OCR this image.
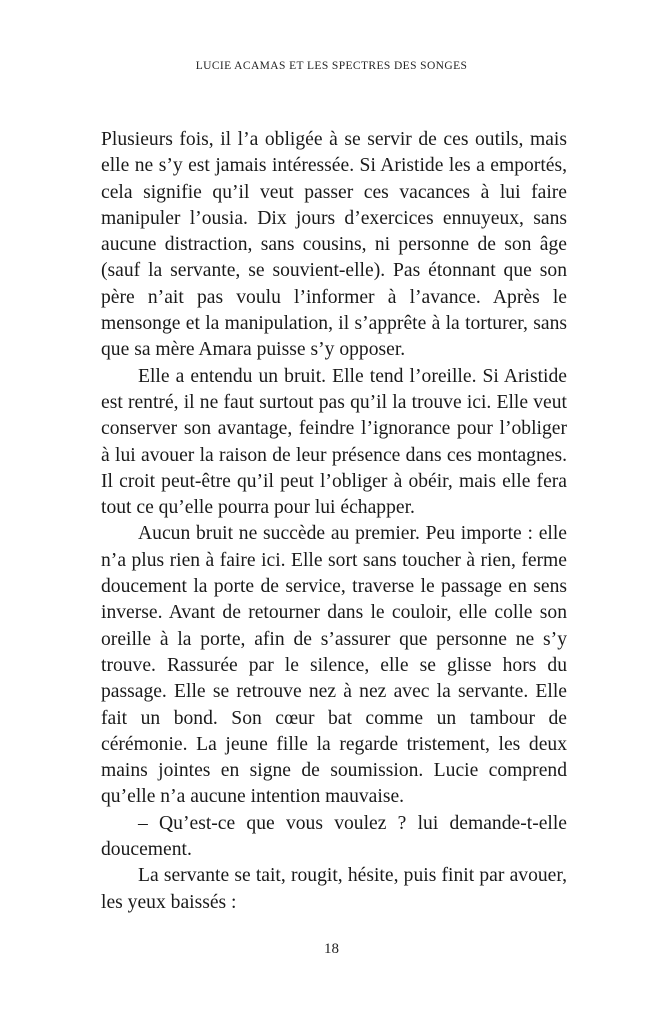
LUCIE ACAMAS ET LES SPECTRES DES SONGES

Plusieurs fois, il l’a obligée à se servir de ces outils, mais elle ne s’y est jamais intéressée. Si Aristide les a emportés, cela signifie qu’il veut passer ces vacances à lui faire manipuler l’ousia. Dix jours d’exercices ennuyeux, sans aucune distraction, sans cousins, ni personne de son âge (sauf la servante, se souvient-elle). Pas étonnant que son père n’ait pas voulu l’informer à l’avance. Après le mensonge et la manipulation, il s’apprête à la torturer, sans que sa mère Amara puisse s’y opposer.

Elle a entendu un bruit. Elle tend l’oreille. Si Aristide est rentré, il ne faut surtout pas qu’il la trouve ici. Elle veut conserver son avantage, feindre l’ignorance pour l’obliger à lui avouer la raison de leur présence dans ces montagnes. Il croit peut-être qu’il peut l’obliger à obéir, mais elle fera tout ce qu’elle pourra pour lui échapper.

Aucun bruit ne succède au premier. Peu importe : elle n’a plus rien à faire ici. Elle sort sans toucher à rien, ferme doucement la porte de service, traverse le passage en sens inverse. Avant de retourner dans le couloir, elle colle son oreille à la porte, afin de s’assurer que personne ne s’y trouve. Rassurée par le silence, elle se glisse hors du passage. Elle se retrouve nez à nez avec la servante. Elle fait un bond. Son cœur bat comme un tambour de cérémonie. La jeune fille la regarde tristement, les deux mains jointes en signe de soumission. Lucie comprend qu’elle n’a aucune intention mauvaise.

– Qu’est-ce que vous voulez ? lui demande-t-elle doucement.

La servante se tait, rougit, hésite, puis finit par avouer, les yeux baissés :

18
